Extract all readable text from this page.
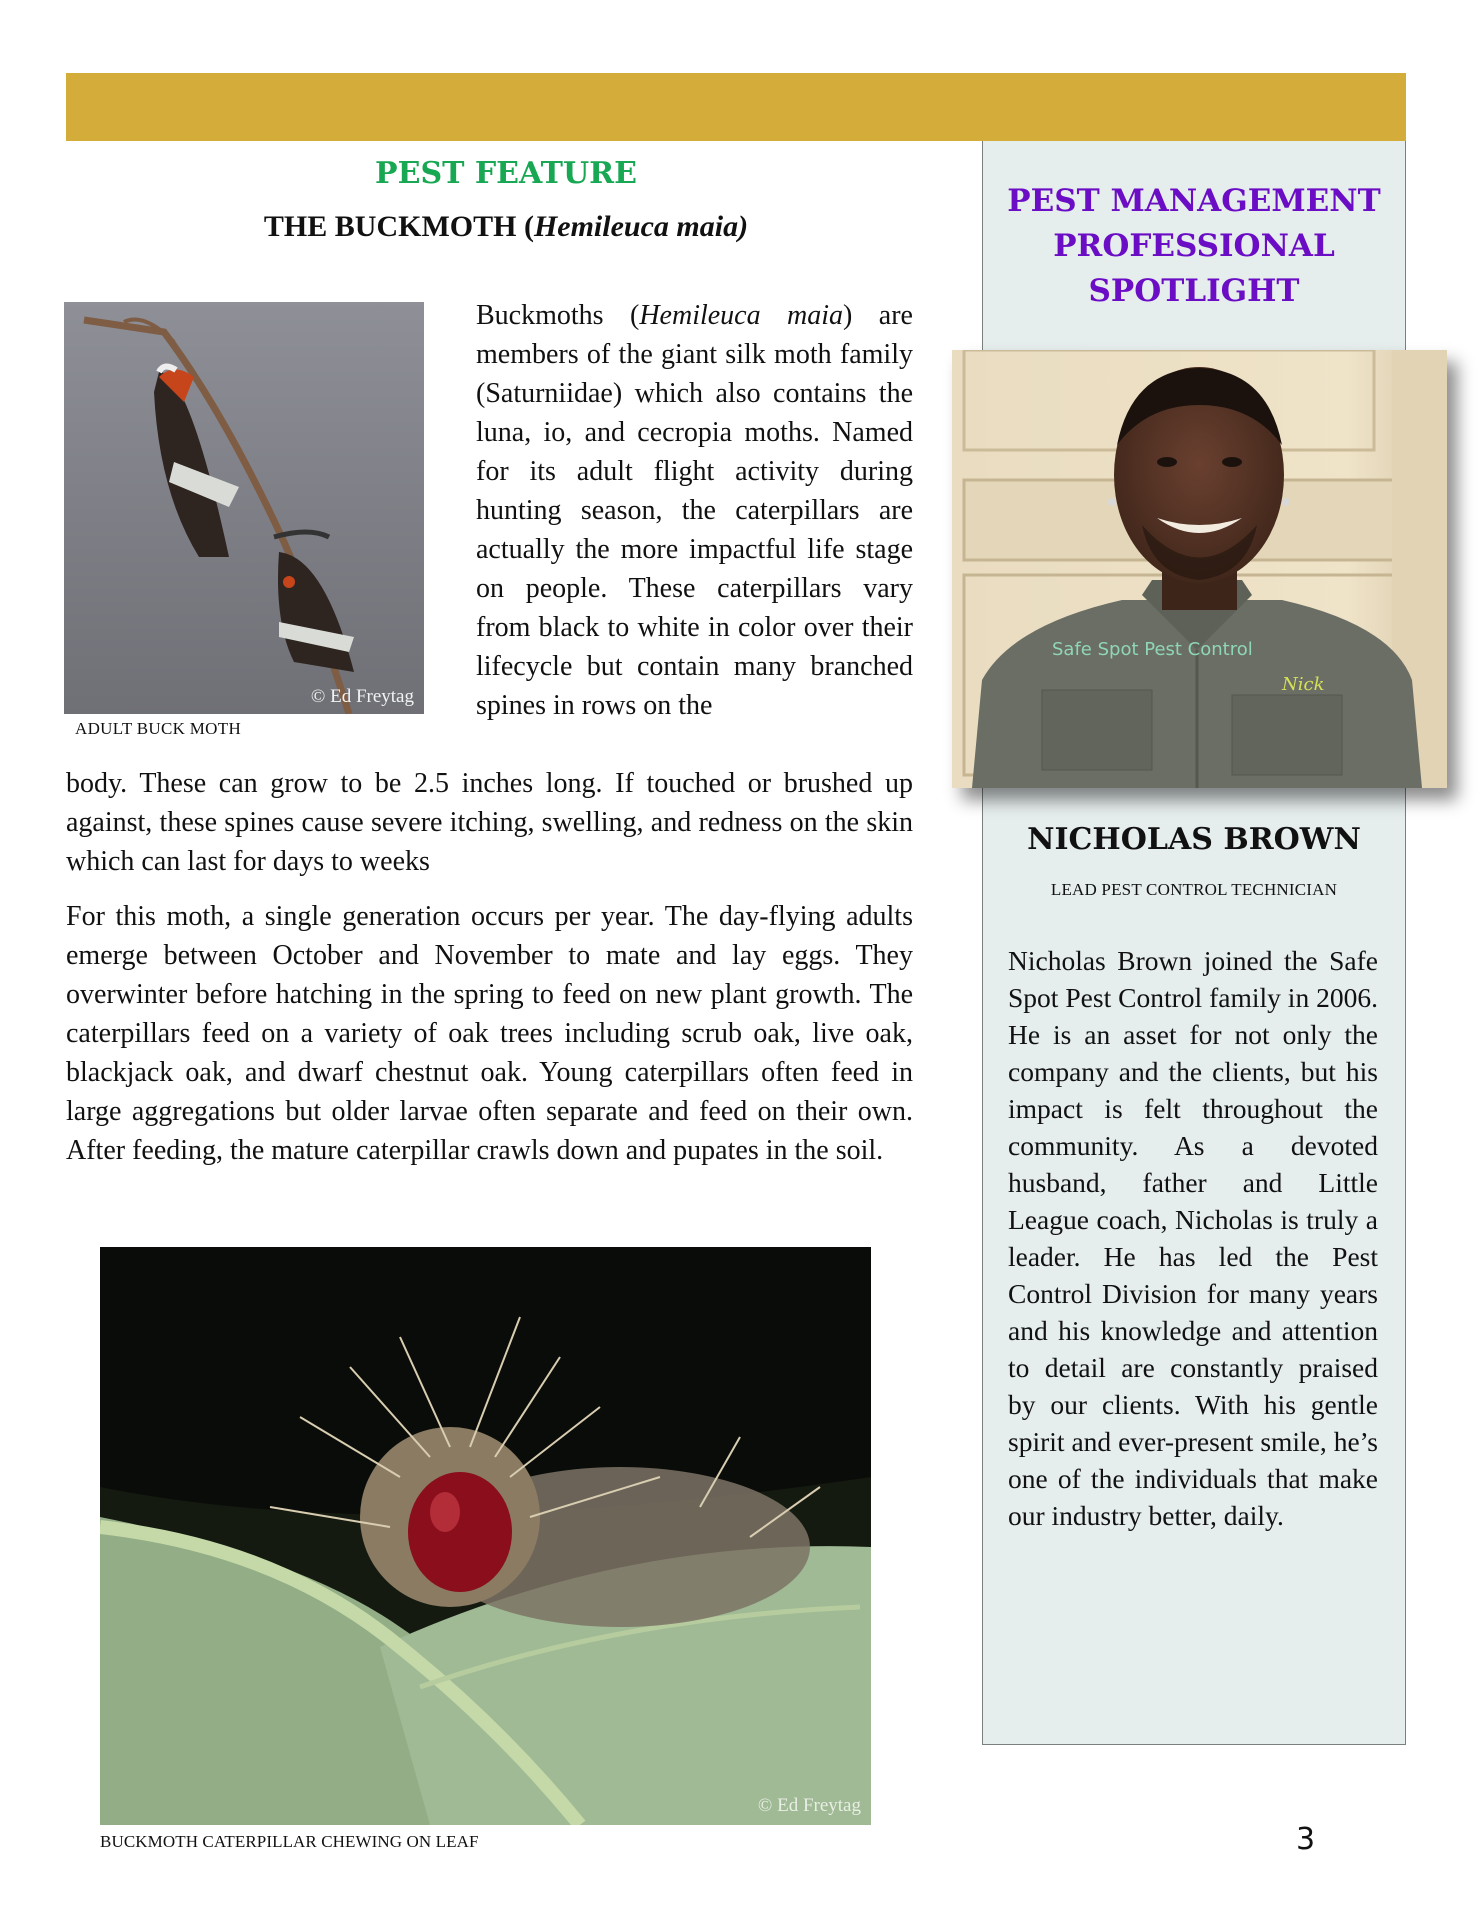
PEST MANAGEMENT
PROFESSIONAL
SPOTLIGHT
Safe Spot Pest Control
Nick
NICHOLAS BROWN
LEAD PEST CONTROL TECHNICIAN

Nicholas Brown joined the Safe Spot Pest Control family in 2006. He is an asset for not only the company and the clients, but his impact is felt throughout the community. As a devoted husband, father and Little League coach, Nicholas is truly a leader. He has led the Pest Control Division for many years and his knowledge and attention to detail are constantly praised by our clients. With his gentle spirit and ever-present smile, he’s one of the individuals that make our industry better, daily.

PEST FEATURE
THE BUCKMOTH (Hemileuca maia)
© Ed Freytag
ADULT BUCK MOTH

Buckmoths (Hemileuca maia) are members of the giant silk moth family (Saturniidae) which also contains the luna, io, and cecropia moths. Named for its adult flight activity during hunting season, the caterpillars are actually the more impactful life stage on people. These caterpillars vary from black to white in color over their lifecycle but contain many branched spines in rows on the

body. These can grow to be 2.5 inches long. If touched or brushed up against, these spines cause severe itching, swelling, and redness on the skin which can last for days to weeks

For this moth, a single generation occurs per year. The day-flying adults emerge between October and November to mate and lay eggs. They overwinter before hatching in the spring to feed on new plant growth. The caterpillars feed on a variety of oak trees including scrub oak, live oak, blackjack oak, and dwarf chestnut oak. Young caterpillars often feed in large aggregations but older larvae often separate and feed on their own. After feeding, the mature caterpillar crawls down and pupates in the soil.

© Ed Freytag
BUCKMOTH CATERPILLAR CHEWING ON LEAF	3
